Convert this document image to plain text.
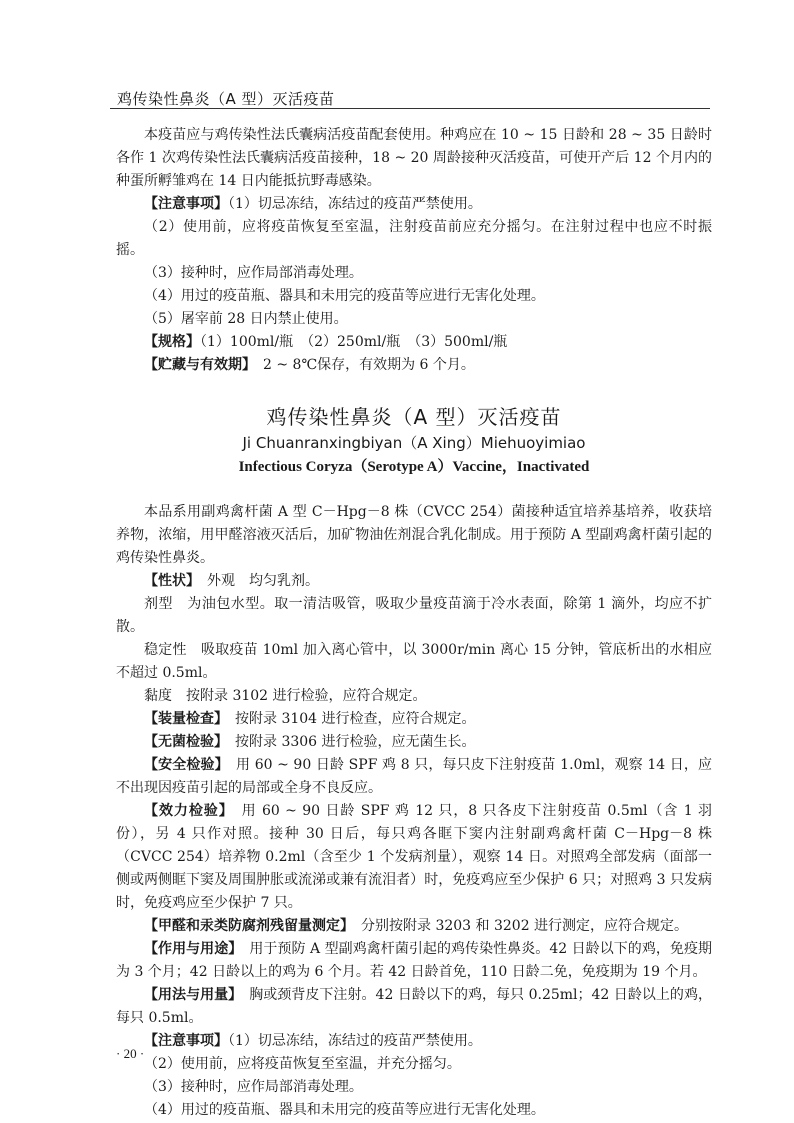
鸡传染性鼻炎（A 型）灭活疫苗

本疫苗应与鸡传染性法氏囊病活疫苗配套使用。种鸡应在 10 ~ 15 日龄和 28 ~ 35 日龄时各作 1 次鸡传染性法氏囊病活疫苗接种，18 ~ 20 周龄接种灭活疫苗，可使开产后 12 个月内的种蛋所孵雏鸡在 14 日内能抵抗野毒感染。

【注意事项】（1）切忌冻结，冻结过的疫苗严禁使用。

（2）使用前，应将疫苗恢复至室温，注射疫苗前应充分摇匀。在注射过程中也应不时振摇。

（3）接种时，应作局部消毒处理。

（4）用过的疫苗瓶、器具和未用完的疫苗等应进行无害化处理。

（5）屠宰前 28 日内禁止使用。

【规格】（1）100ml/瓶　（2）250ml/瓶　（3）500ml/瓶

【贮藏与有效期】　 2 ~ 8℃保存，有效期为 6 个月。

鸡传染性鼻炎（A 型）灭活疫苗
Ji Chuanranxingbiyan（A Xing）Miehuoyimiao
Infectious Coryza（Serotype A）Vaccine，Inactivated

本品系用副鸡禽杆菌 A 型 C－Hpg－8 株（CVCC 254）菌接种适宜培养基培养，收获培养物，浓缩，用甲醛溶液灭活后，加矿物油佐剂混合乳化制成。用于预防 A 型副鸡禽杆菌引起的鸡传染性鼻炎。

【性状】　 外观　均匀乳剂。

剂型　为油包水型。取一清洁吸管，吸取少量疫苗滴于冷水表面，除第 1 滴外，均应不扩散。

稳定性　吸取疫苗 10ml 加入离心管中，以 3000r/min 离心 15 分钟，管底析出的水相应不超过 0.5ml。

黏度　按附录 3102 进行检验，应符合规定。

【装量检查】　 按附录 3104 进行检查，应符合规定。

【无菌检验】　 按附录 3306 进行检验，应无菌生长。

【安全检验】　 用 60 ~ 90 日龄 SPF 鸡 8 只，每只皮下注射疫苗 1.0ml，观察 14 日，应不出现因疫苗引起的局部或全身不良反应。

【效力检验】　 用 60 ~ 90 日龄 SPF 鸡 12 只，8 只各皮下注射疫苗 0.5ml（含 1 羽份），另 4 只作对照。接种 30 日后，每只鸡各眶下窦内注射副鸡禽杆菌 C－Hpg－8 株（CVCC 254）培养物 0.2ml（含至少 1 个发病剂量），观察 14 日。对照鸡全部发病（面部一侧或两侧眶下窦及周围肿胀或流涕或兼有流泪者）时，免疫鸡应至少保护 6 只；对照鸡 3 只发病时，免疫鸡应至少保护 7 只。

【甲醛和汞类防腐剂残留量测定】　 分别按附录 3203 和 3202 进行测定，应符合规定。

【作用与用途】　 用于预防 A 型副鸡禽杆菌引起的鸡传染性鼻炎。42 日龄以下的鸡，免疫期为 3 个月；42 日龄以上的鸡为 6 个月。若 42 日龄首免，110 日龄二免，免疫期为 19 个月。

【用法与用量】　 胸或颈背皮下注射。42 日龄以下的鸡，每只 0.25ml；42 日龄以上的鸡，每只 0.5ml。

【注意事项】（1）切忌冻结，冻结过的疫苗严禁使用。

（2）使用前，应将疫苗恢复至室温，并充分摇匀。

（3）接种时，应作局部消毒处理。

（4）用过的疫苗瓶、器具和未用完的疫苗等应进行无害化处理。

· 20 ·
